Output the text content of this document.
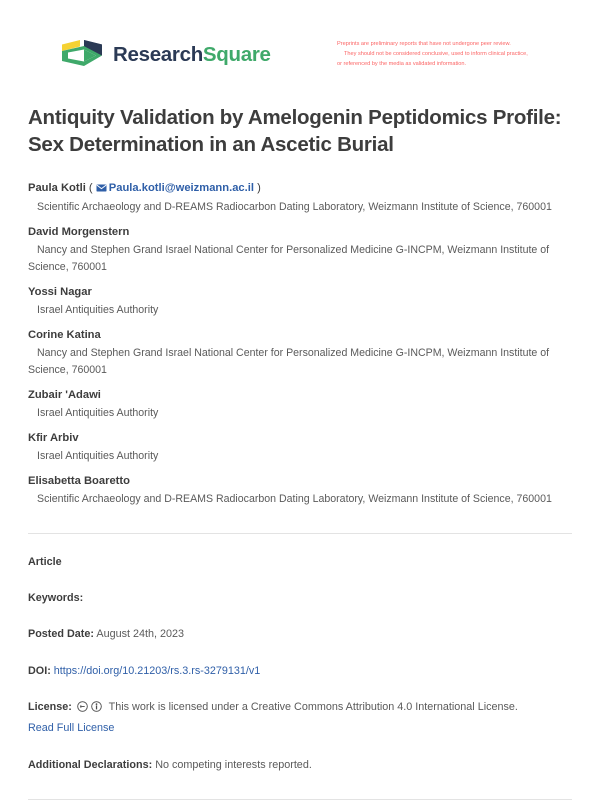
ResearchSquare	Preprints are preliminary reports that have not undergone peer review.
They should not be considered conclusive, used to inform clinical practice,
or referenced by the media as validated information.
Antiquity Validation by Amelogenin Peptidomics Profile: Sex Determination in an Ascetic Burial
Paula Kotli ( Paula.kotli@weizmann.ac.il )
Scientific Archaeology and D-REAMS Radiocarbon Dating Laboratory, Weizmann Institute of Science, 760001
David Morgenstern
Nancy and Stephen Grand Israel National Center for Personalized Medicine G-INCPM, Weizmann Institute of Science, 760001
Yossi Nagar
Israel Antiquities Authority
Corine Katina
Nancy and Stephen Grand Israel National Center for Personalized Medicine G-INCPM, Weizmann Institute of Science, 760001
Zubair 'Adawi
Israel Antiquities Authority
Kfir Arbiv
Israel Antiquities Authority
Elisabetta Boaretto
Scientific Archaeology and D-REAMS Radiocarbon Dating Laboratory, Weizmann Institute of Science, 760001
Article
Keywords:
Posted Date: August 24th, 2023
DOI: https://doi.org/10.21203/rs.3.rs-3279131/v1
License:	This work is licensed under a Creative Commons Attribution 4.0 International License.
Read Full License
Additional Declarations: No competing interests reported.
